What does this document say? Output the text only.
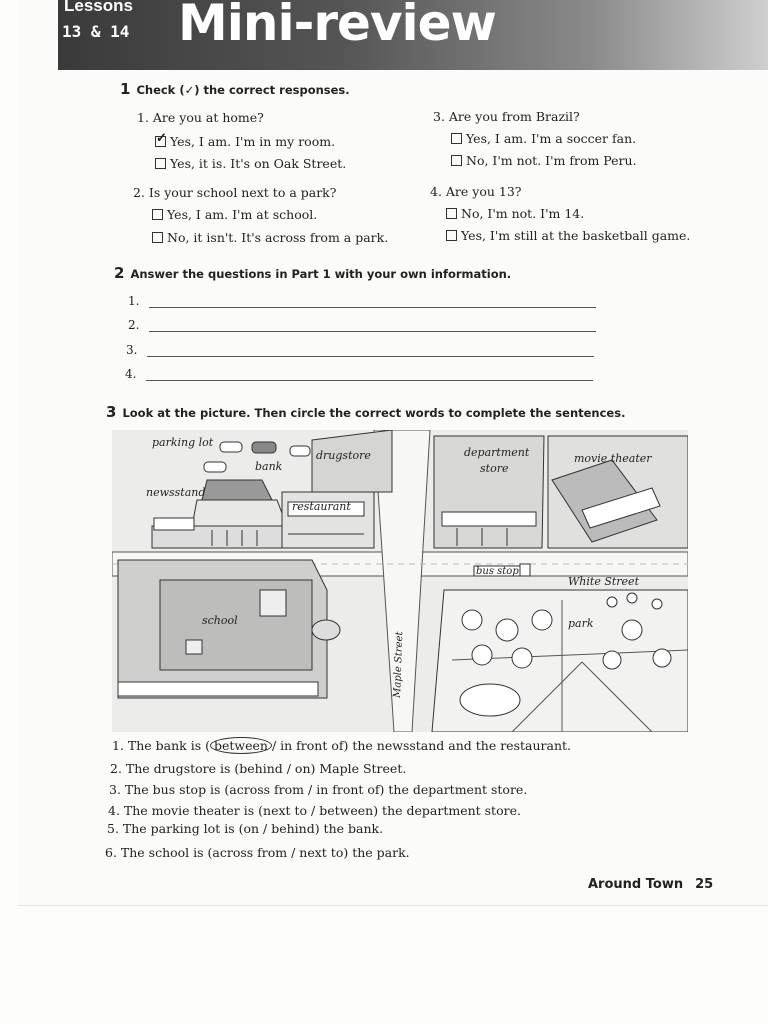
Lessons
13 & 14 Mini-review
1 Check (✓) the correct responses.
1. Are you at home?
✓
Yes, I am. I'm in my room.
Yes, it is. It's on Oak Street.
2. Is your school next to a park?
Yes, I am. I'm at school.
No, it isn't. It's across from a park.
3. Are you from Brazil?
Yes, I am. I'm a soccer fan.
No, I'm not. I'm from Peru.
4. Are you 13?
No, I'm not. I'm 14.
Yes, I'm still at the basketball game.
2 Answer the questions in Part 1 with your own information.
1.
2.
3.
4.
3 Look at the picture. Then circle the correct words to complete the sentences.
parking lot
bank
drugstore
newsstand
restaurant
department
store
movie theater
bus stop
White Street
school	park
Maple Street
1. The bank is ( between / in front of) the newsstand and the restaurant.
2. The drugstore is (behind / on) Maple Street.
3. The bus stop is (across from / in front of) the department store.
4. The movie theater is (next to / between) the department store.
5. The parking lot is (on / behind) the bank.
6. The school is (across from / next to) the park.
Around Town 25
